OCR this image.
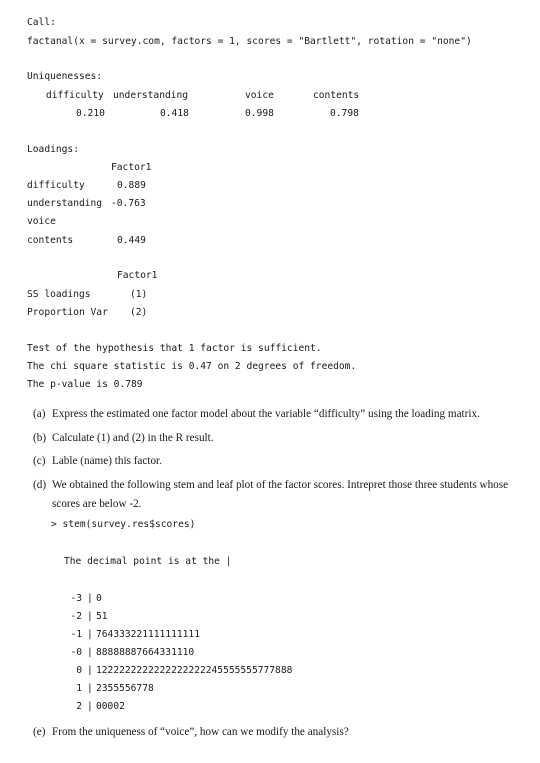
Call:
factanal(x = survey.com, factors = 1, scores = "Bartlett", rotation = "none")
Uniquenesses:
difficulty understanding	voice	contents
0.210	0.418	0.998	0.798
Loadings:
Factor1
difficulty	0.889
understanding -0.763
voice
contents	0.449
Factor1
SS loadings	(1)
Proportion Var (2)
Test of the hypothesis that 1 factor is sufficient.
The chi square statistic is 0.47 on 2 degrees of freedom.
The p-value is 0.789
(a) Express the estimated one factor model about the variable “difficulty” using the loading matrix.
(b) Calculate (1) and (2) in the R result.
(c) Lable (name) this factor.
(d) We obtained the following stem and leaf plot of the factor scores. Intrepret those three students whose scores are below -2.
> stem(survey.res$scores)
The decimal point is at the |
-3 | 0
-2 | 51
-1 | 764333221111111111
-0 | 88888887664331110
0 | 1222222222222222222245555555777888
1 | 2355556778
2 | 00002
(e) From the uniqueness of “voice”, how can we modify the analysis?
